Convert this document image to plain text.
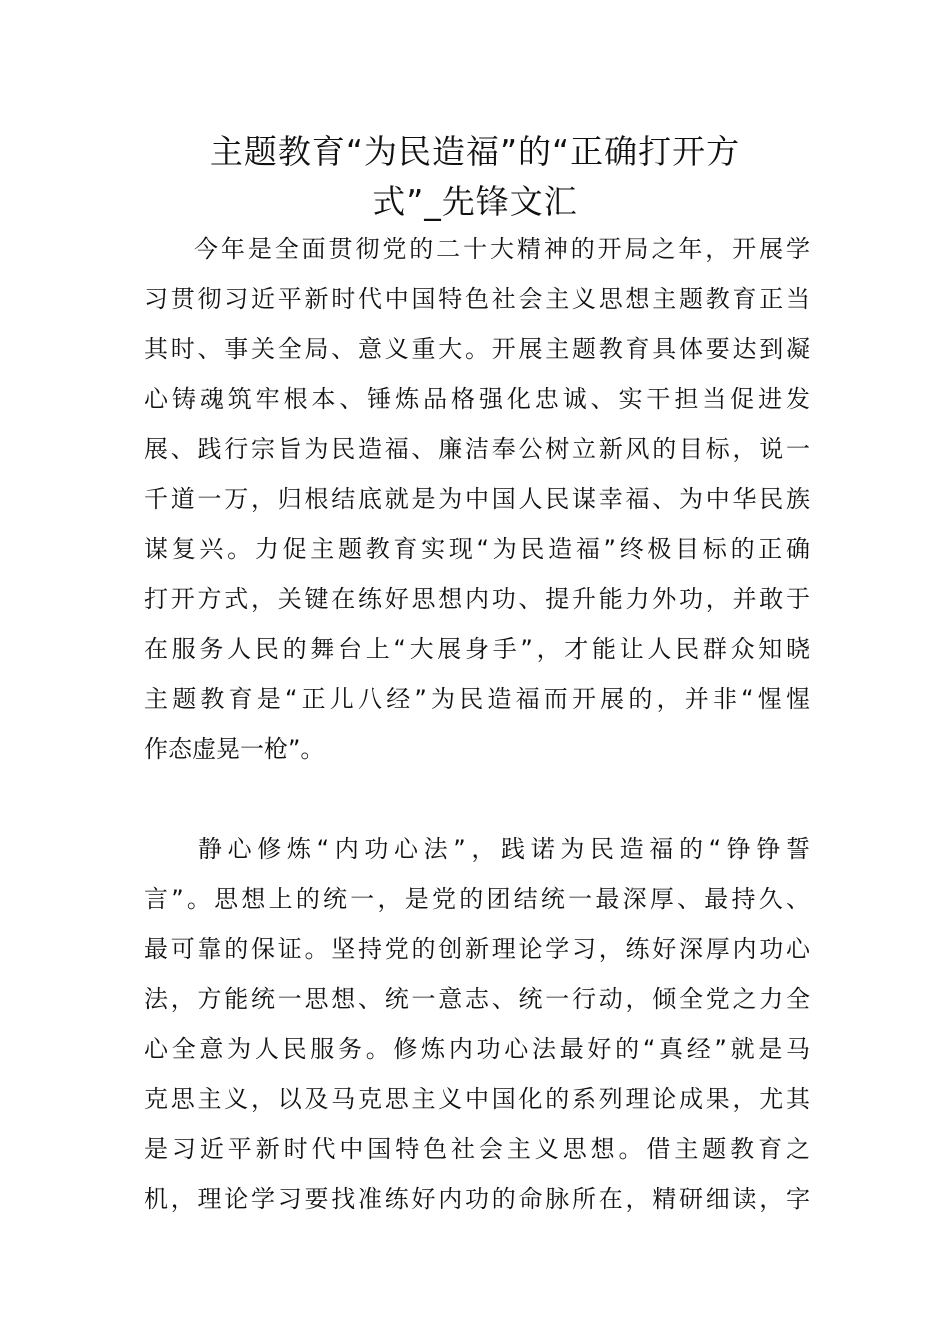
主题教育“为民造福”的“正确打开方
式”_先锋文汇
今年是全面贯彻党的二十大精神的开局之年，开展学
习贯彻习近平新时代中国特色社会主义思想主题教育正当
其时、事关全局、意义重大。开展主题教育具体要达到凝
心铸魂筑牢根本、锤炼品格强化忠诚、实干担当促进发
展、践行宗旨为民造福、廉洁奉公树立新风的目标，说一
千道一万，归根结底就是为中国人民谋幸福、为中华民族
谋复兴。力促主题教育实现“为民造福”终极目标的正确
打开方式，关键在练好思想内功、提升能力外功，并敢于
在服务人民的舞台上“大展身手”，才能让人民群众知晓
主题教育是“正儿八经”为民造福而开展的，并非“惺惺
作态虚晃一枪”。
静心修炼“内功心法”，践诺为民造福的“铮铮誓
言”。思想上的统一，是党的团结统一最深厚、最持久、
最可靠的保证。坚持党的创新理论学习，练好深厚内功心
法，方能统一思想、统一意志、统一行动，倾全党之力全
心全意为人民服务。修炼内功心法最好的“真经”就是马
克思主义，以及马克思主义中国化的系列理论成果，尤其
是习近平新时代中国特色社会主义思想。借主题教育之
机，理论学习要找准练好内功的命脉所在，精研细读，字
